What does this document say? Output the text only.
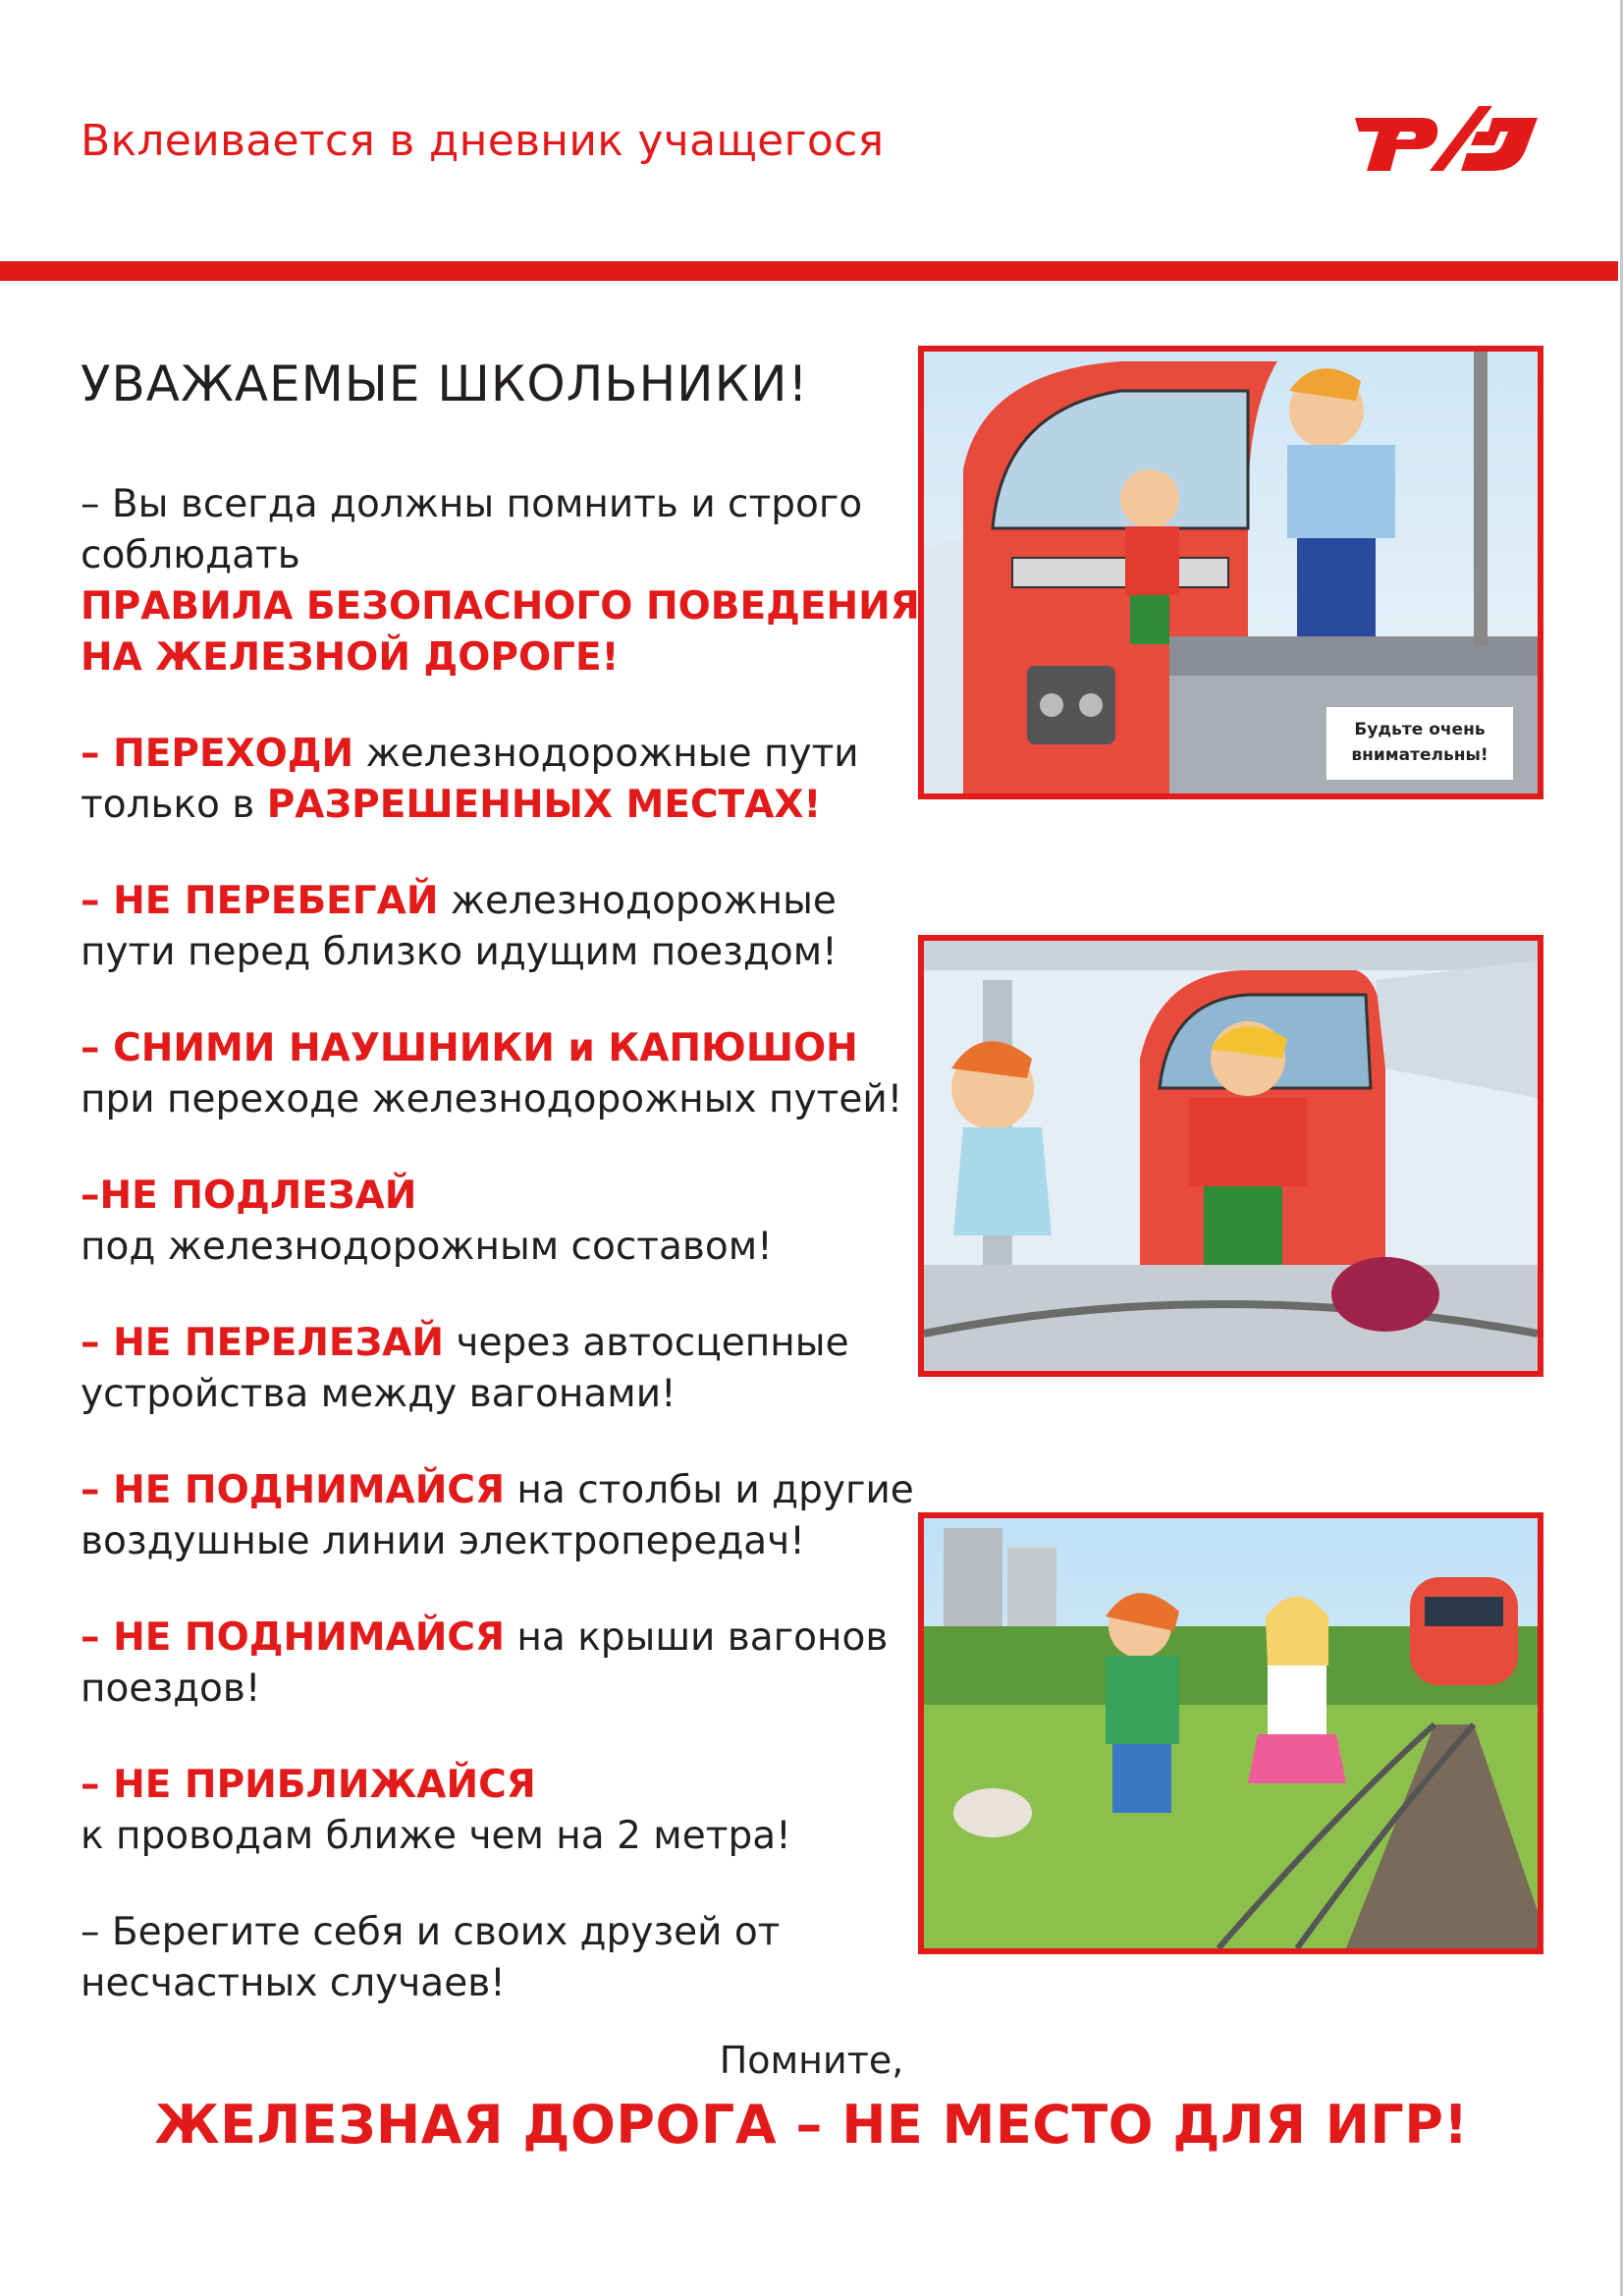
Вклеивается в дневник учащегося
УВАЖАЕМЫЕ ШКОЛЬНИКИ!
– Вы всегда должны помнить и строго
соблюдать
ПРАВИЛА БЕЗОПАСНОГО ПОВЕДЕНИЯ
НА ЖЕЛЕЗНОЙ ДОРОГЕ!
– ПЕРЕХОДИ железнодорожные пути
только в РАЗРЕШЕННЫХ МЕСТАХ!
– НЕ ПЕРЕБЕГАЙ железнодорожные
пути перед близко идущим поездом!
– СНИМИ НАУШНИКИ и КАПЮШОН
при переходе железнодорожных путей!
–НЕ ПОДЛЕЗАЙ
под железнодорожным составом!
– НЕ ПЕРЕЛЕЗАЙ через автосцепные
устройства между вагонами!
– НЕ ПОДНИМАЙСЯ на столбы и другие
воздушные линии электропередач!
– НЕ ПОДНИМАЙСЯ на крыши вагонов
поездов!
– НЕ ПРИБЛИЖАЙСЯ
к проводам ближе чем на 2 метра!
– Берегите себя и своих друзей от
несчастных случаев!
Будьте очень
внимательны!
Помните,
ЖЕЛЕЗНАЯ ДОРОГА – НЕ МЕСТО ДЛЯ ИГР!
